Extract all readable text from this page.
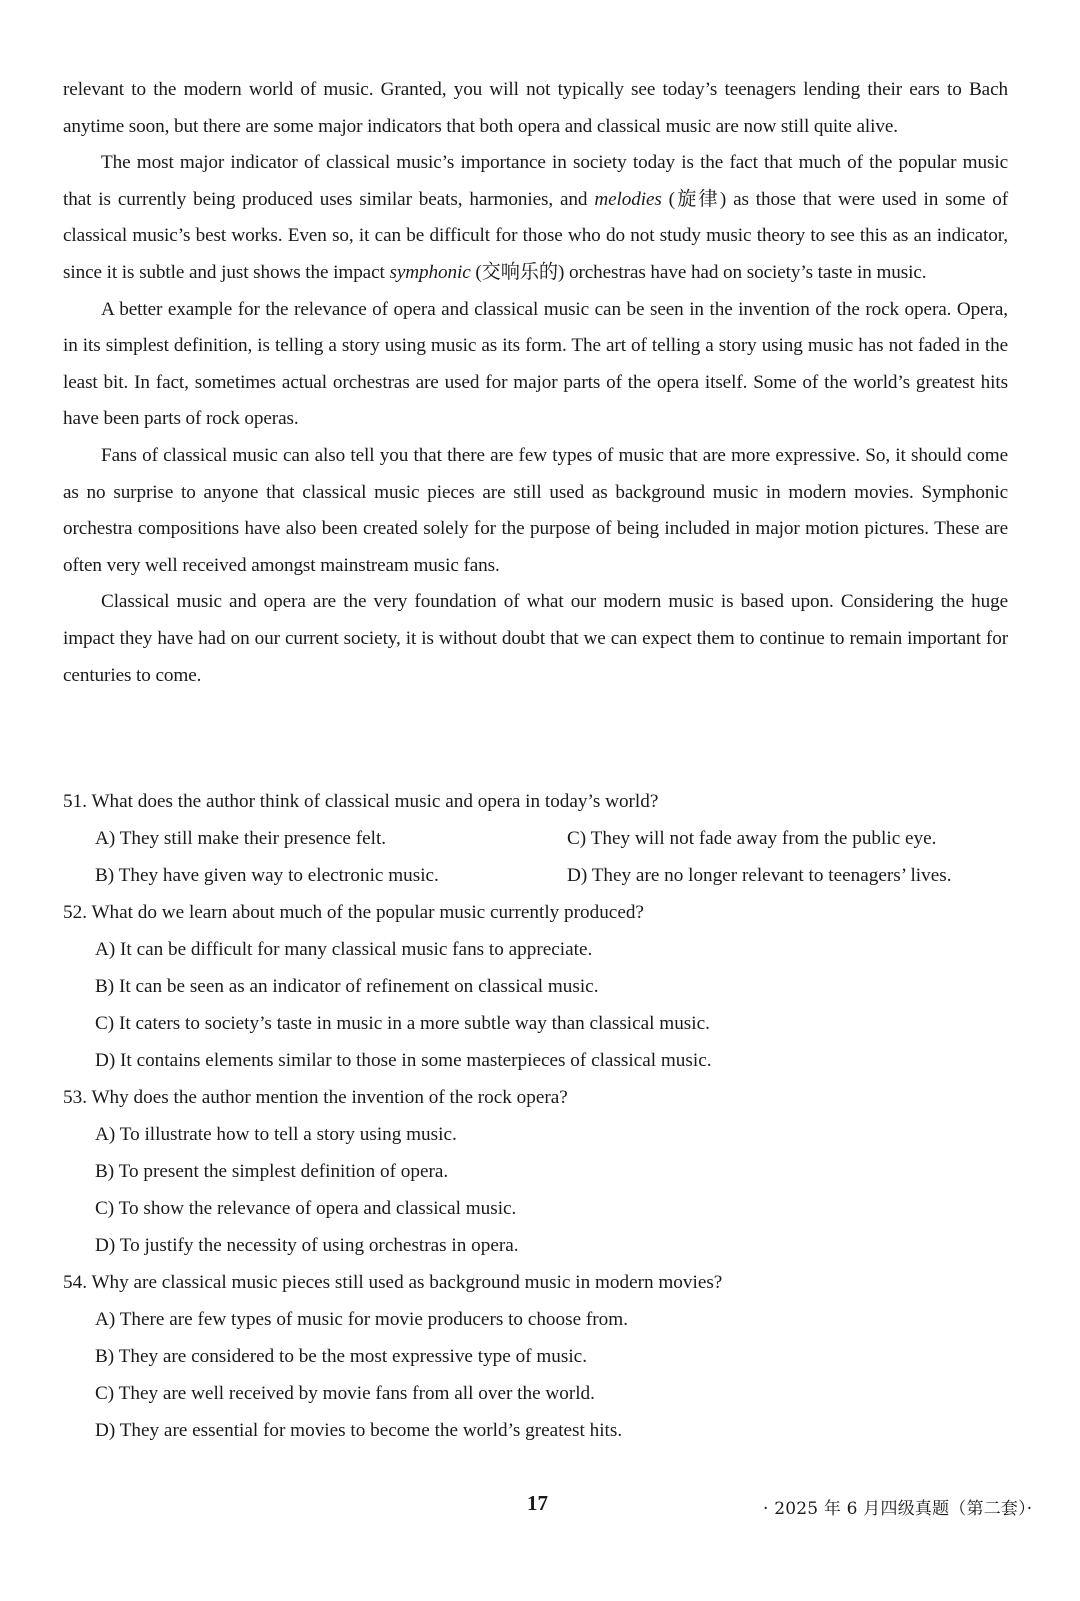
relevant to the modern world of music. Granted, you will not typically see today’s teenagers lending their ears to Bach anytime soon, but there are some major indicators that both opera and classical music are now still quite alive.

The most major indicator of classical music’s importance in society today is the fact that much of the popular music that is currently being produced uses similar beats, harmonies, and melodies (旋律) as those that were used in some of classical music’s best works. Even so, it can be difficult for those who do not study music theory to see this as an indicator, since it is subtle and just shows the impact symphonic (交响乐的) orchestras have had on society’s taste in music.

A better example for the relevance of opera and classical music can be seen in the invention of the rock opera. Opera, in its simplest definition, is telling a story using music as its form. The art of telling a story using music has not faded in the least bit. In fact, sometimes actual orchestras are used for major parts of the opera itself. Some of the world’s greatest hits have been parts of rock operas.

Fans of classical music can also tell you that there are few types of music that are more expressive. So, it should come as no surprise to anyone that classical music pieces are still used as background music in modern movies. Symphonic orchestra compositions have also been created solely for the purpose of being included in major motion pictures. These are often very well received amongst mainstream music fans.

Classical music and opera are the very foundation of what our modern music is based upon. Considering the huge impact they have had on our current society, it is without doubt that we can expect them to continue to remain important for centuries to come.

51. What does the author think of classical music and opera in today’s world?
A) They still make their presence felt.	C) They will not fade away from the public eye.
B) They have given way to electronic music.	D) They are no longer relevant to teenagers’ lives.
52. What do we learn about much of the popular music currently produced?
A) It can be difficult for many classical music fans to appreciate.
B) It can be seen as an indicator of refinement on classical music.
C) It caters to society’s taste in music in a more subtle way than classical music.
D) It contains elements similar to those in some masterpieces of classical music.
53. Why does the author mention the invention of the rock opera?
A) To illustrate how to tell a story using music.
B) To present the simplest definition of opera.
C) To show the relevance of opera and classical music.
D) To justify the necessity of using orchestras in opera.
54. Why are classical music pieces still used as background music in modern movies?
A) There are few types of music for movie producers to choose from.
B) They are considered to be the most expressive type of music.
C) They are well received by movie fans from all over the world.
D) They are essential for movies to become the world’s greatest hits.
17	· 2025 年 6 月四级真题（第二套）·
